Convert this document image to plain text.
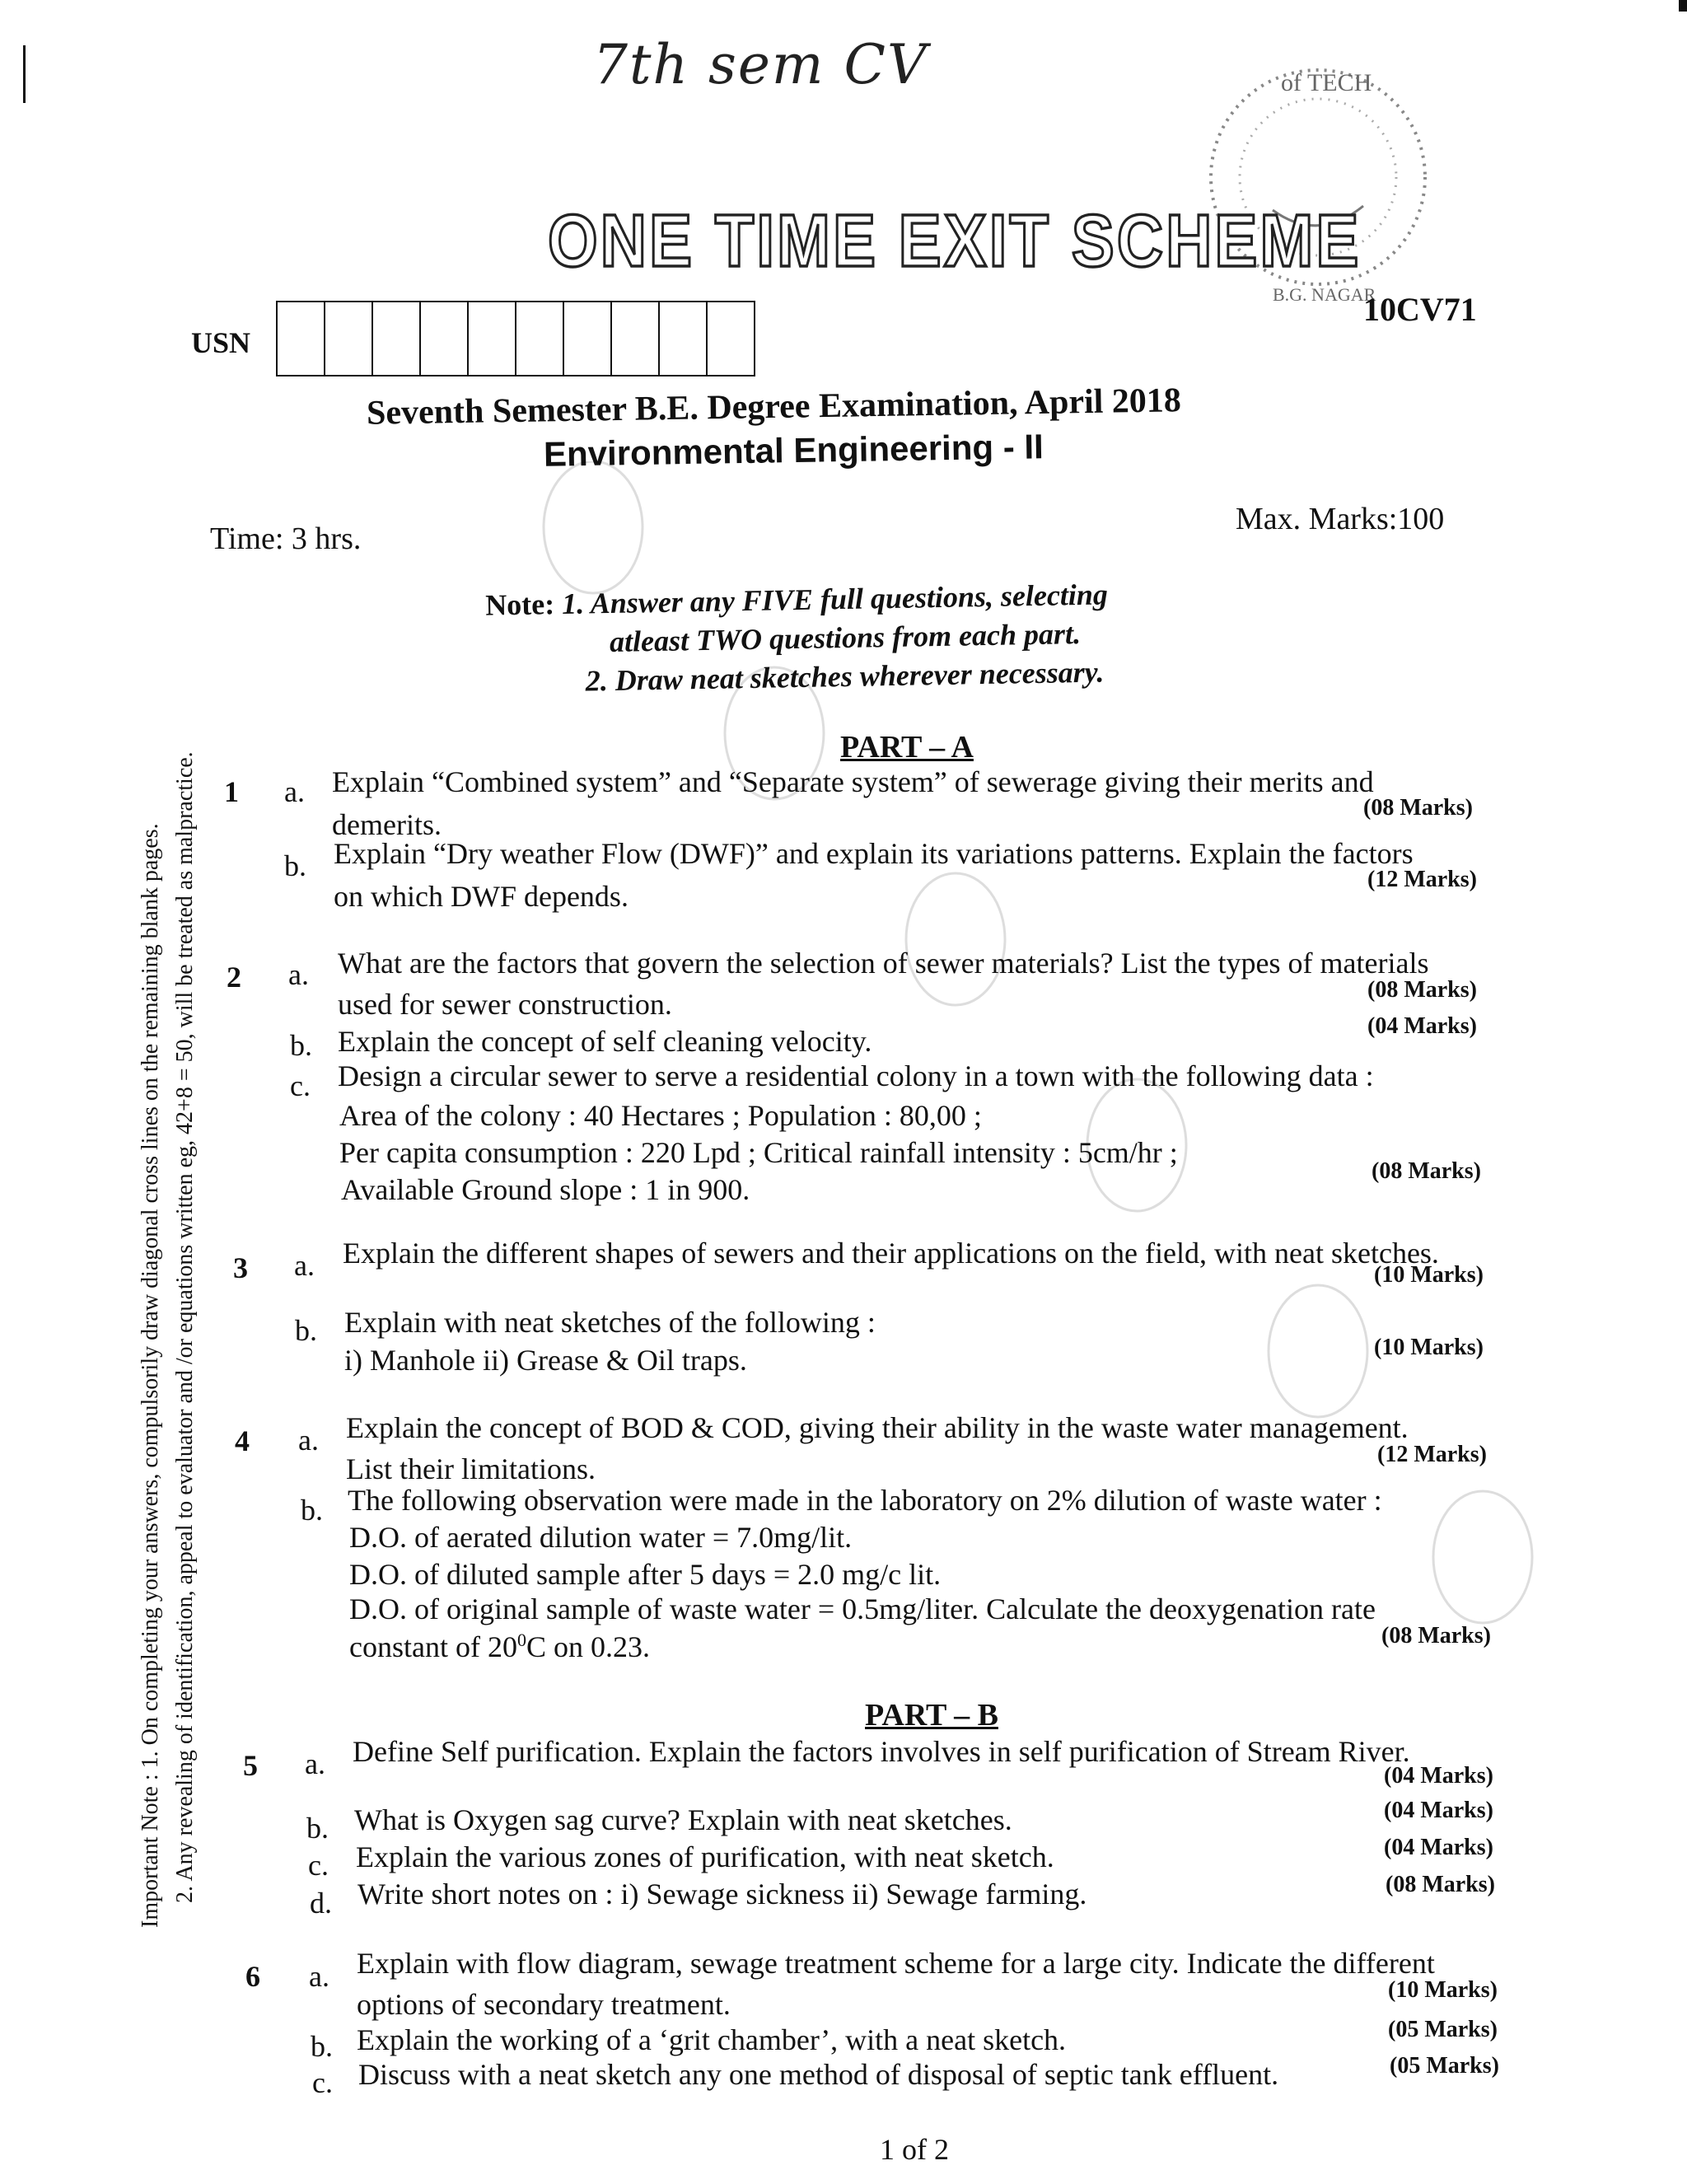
7th sem CV	of TECH
B.G. NAGAR
ONE TIME EXIT SCHEME
USN
10CV71
Seventh Semester B.E. Degree Examination, April 2018
Environmental Engineering - II
Time: 3 hrs.
Max. Marks:100
Note: 1. Answer any FIVE full questions, selecting
atleast TWO questions from each part.
2. Draw neat sketches wherever necessary.
Important Note : 1. On completing your answers, compulsorily draw diagonal cross lines on the remaining blank pages. 2. Any revealing of identification, appeal to evaluator and /or equations written eg, 42+8 = 50, will be treated as malpractice.
PART – A
1 a. Explain “Combined system” and “Separate system” of sewerage giving their merits and
demerits.
(08 Marks)
b. Explain “Dry weather Flow (DWF)” and explain its variations patterns. Explain the factors
on which DWF depends.
(12 Marks)
2 a. What are the factors that govern the selection of sewer materials? List the types of materials
used for sewer construction.	(08 Marks)
b. Explain the concept of self cleaning velocity.	(04 Marks)
c. Design a circular sewer to serve a residential colony in a town with the following data :
Area of the colony : 40 Hectares ; Population : 80,00 ;
Per capita consumption : 220 Lpd ; Critical rainfall intensity : 5cm/hr ;
Available Ground slope : 1 in 900.
(08 Marks)
3 a. Explain the different shapes of sewers and their applications on the field, with neat sketches.
(10 Marks)
b. Explain with neat sketches of the following :
i) Manhole ii) Grease & Oil traps.	(10 Marks)
4 a. Explain the concept of BOD & COD, giving their ability in the waste water management.
List their limitations.	(12 Marks)
b. The following observation were made in the laboratory on 2% dilution of waste water :
D.O. of aerated dilution water = 7.0mg/lit.
D.O. of diluted sample after 5 days = 2.0 mg/c lit.
D.O. of original sample of waste water = 0.5mg/liter. Calculate the deoxygenation rate
constant of $20^0C$ on 0.23.	(08 Marks)
PART – B
5 a. Define Self purification. Explain the factors involves in self purification of Stream River.
(04 Marks)
b. What is Oxygen sag curve? Explain with neat sketches.	(04 Marks)
c. Explain the various zones of purification, with neat sketch.	(04 Marks)
d. Write short notes on : i) Sewage sickness ii) Sewage farming.	(08 Marks)
6 a. Explain with flow diagram, sewage treatment scheme for a large city. Indicate the different
options of secondary treatment.	(10 Marks)
b. Explain the working of a ‘grit chamber’, with a neat sketch.	(05 Marks)
c. Discuss with a neat sketch any one method of disposal of septic tank effluent.	(05 Marks)
1 of 2
